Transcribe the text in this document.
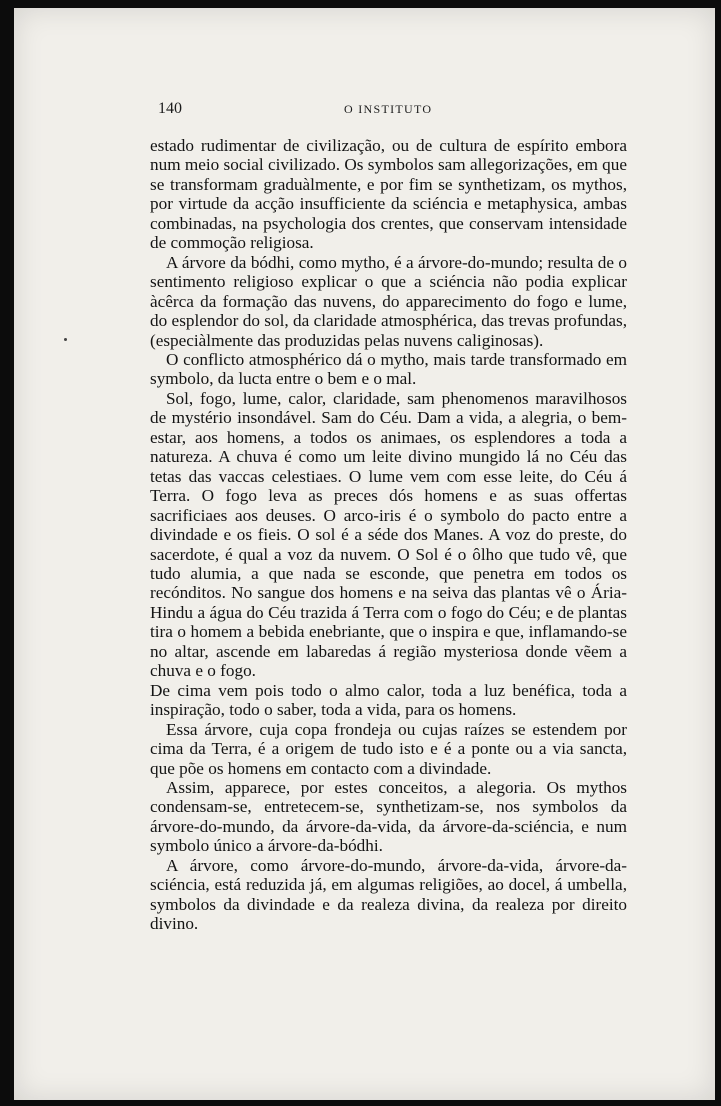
140	O INSTITUTO

estado rudimentar de civilização, ou de cultura de espírito embora num meio social civilizado. Os symbolos sam allegorizações, em que se transformam graduàlmente, e por fim se synthetizam, os mythos, por virtude da acção insufficiente da sciéncia e metaphysica, ambas combinadas, na psychologia dos crentes, que conservam intensidade de commoção religiosa.

A árvore da bódhi, como mytho, é a árvore-do-mundo; resulta de o sentimento religioso explicar o que a sciéncia não podia explicar àcêrca da formação das nuvens, do apparecimento do fogo e lume, do esplendor do sol, da claridade atmosphérica, das trevas profundas, (especiàlmente das produzidas pelas nuvens caliginosas).

O conflicto atmosphérico dá o mytho, mais tarde transformado em symbolo, da lucta entre o bem e o mal.

Sol, fogo, lume, calor, claridade, sam phenomenos maravilhosos de mystério insondável. Sam do Céu. Dam a vida, a alegria, o bem-estar, aos homens, a todos os animaes, os esplendores a toda a natureza. A chuva é como um leite divino mungido lá no Céu das tetas das vaccas celestiaes. O lume vem com esse leite, do Céu á Terra. O fogo leva as preces dós homens e as suas offertas sacrificiaes aos deuses. O arco-iris é o symbolo do pacto entre a divindade e os fieis. O sol é a séde dos Manes. A voz do preste, do sacerdote, é qual a voz da nuvem. O Sol é o ôlho que tudo vê, que tudo alumia, a que nada se esconde, que penetra em todos os recónditos. No sangue dos homens e na seiva das plantas vê o Ária-Hindu a água do Céu trazida á Terra com o fogo do Céu; e de plantas tira o homem a bebida enebriante, que o inspira e que, inflamando-se no altar, ascende em labaredas á região mysteriosa donde vẽem a chuva e o fogo.

De cima vem pois todo o almo calor, toda a luz benéfica, toda a inspiração, todo o saber, toda a vida, para os homens.

Essa árvore, cuja copa frondeja ou cujas raízes se estendem por cima da Terra, é a origem de tudo isto e é a ponte ou a via sancta, que põe os homens em contacto com a divindade.

Assim, apparece, por estes conceitos, a alegoria. Os mythos condensam-se, entretecem-se, synthetizam-se, nos symbolos da árvore-do-mundo, da árvore-da-vida, da árvore-da-sciéncia, e num symbolo único a árvore-da-bódhi.

A árvore, como árvore-do-mundo, árvore-da-vida, árvore-da-sciéncia, está reduzida já, em algumas religiões, ao docel, á umbella, symbolos da divindade e da realeza divina, da realeza por direito divino.
